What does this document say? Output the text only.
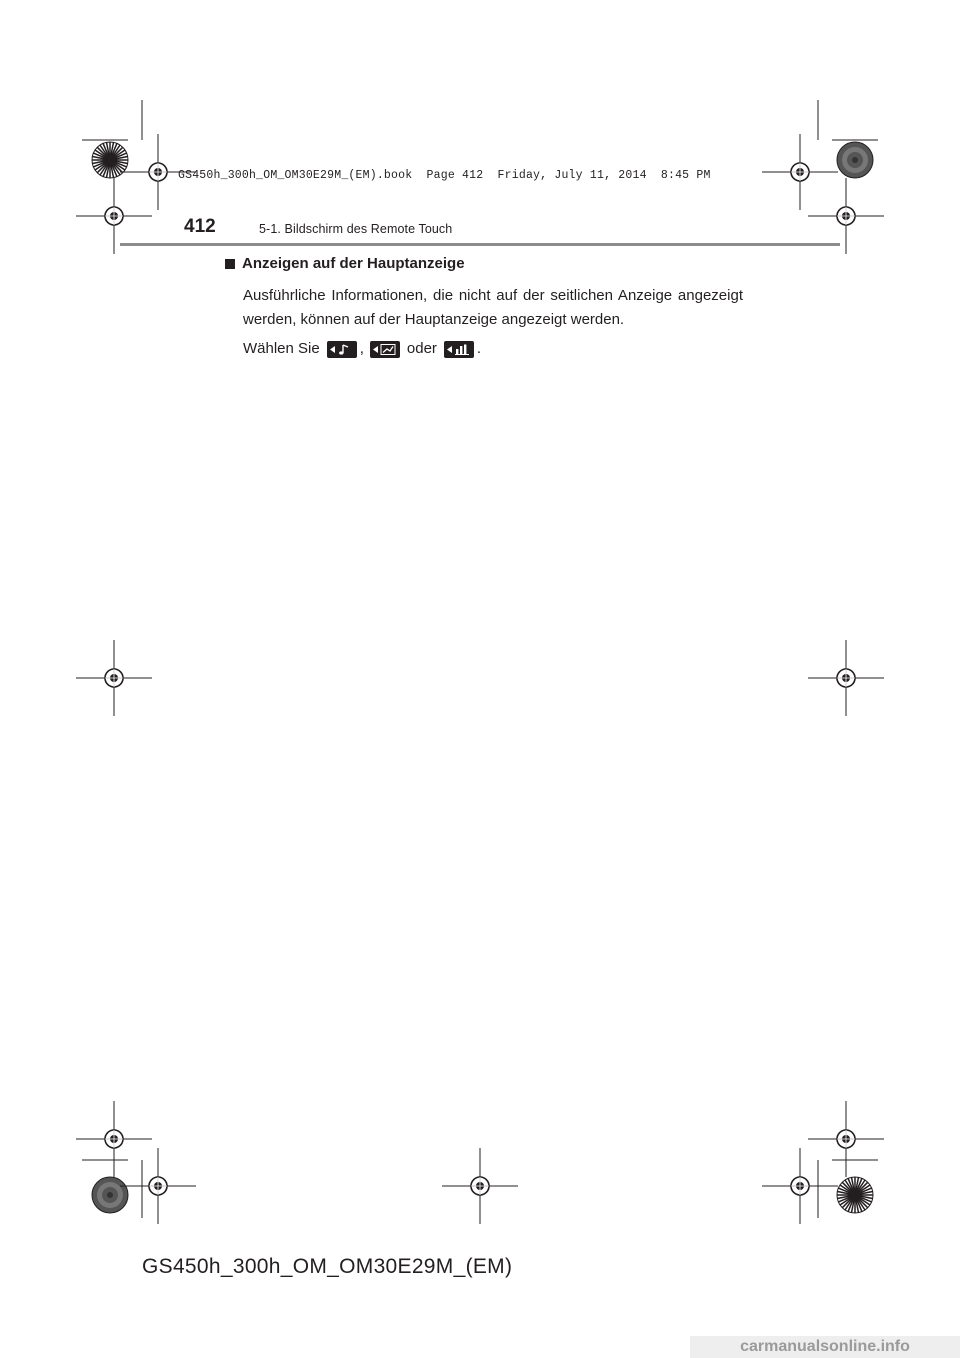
GS450h_300h_OM_OM30E29M_(EM).book  Page 412  Friday, July 11, 2014  8:45 PM
412	5-1. Bildschirm des Remote Touch
Anzeigen auf der Hauptanzeige
Ausführliche Informationen, die nicht auf der seitlichen Anzeige angezeigt
werden, können auf der Hauptanzeige angezeigt werden.
Wählen Sie	,	oder	.
GS450h_300h_OM_OM30E29M_(EM)
carmanualsonline.info
